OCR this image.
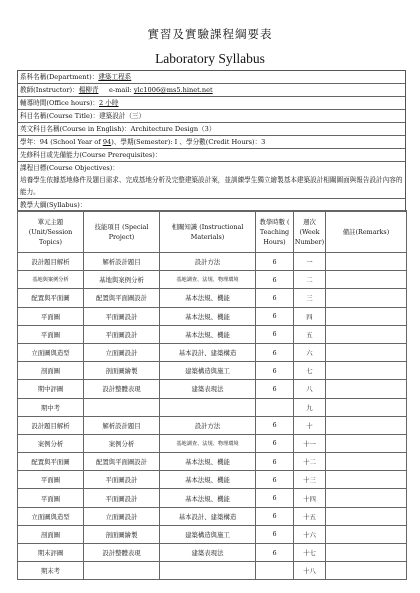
實習及實驗課程綱要表
Laboratory Syllabus
系科名稱(Department)：建築工程系
教師(Instructor)：楊柳青 e-mail: ylc1006@ms5.hinet.net
輔導時間(Office hours)：2 小時
科目名稱(Course Title)：建築設計（三）
英文科目名稱(Course in English)：Architecture Design（3）
學年：94 (School Year of 94)、學期(Semester): Ⅰ 、學分數(Credit Hours)：3
先修科目或先備能力(Course Prerequisites)：
課程目標(Course Objectives)：
培養學生依據基地條件及題目需求、完成基地分析及完整建築設計案，並訓練學生獨立繪製基本建築設計相關圖面與報告設計內容的能力。
教學大綱(Syllabus)：
單元主題 (Unit/Session Topics)	技能項目 (Special Project)	相關知識 (Instructional Materials)	教學時數 ( Teaching Hours)	週次 (Week Number)	備註(Remarks)
設計題目解析	解析設計題目	設計方法	6	一	
基地與案例分析	基地與案例分析	基地調查、法規、物理環境	6	二	
配置與平面圖	配置與平面圖設計	基本法規、機能	6	三	
平面圖	平面圖設計	基本法規、機能	6	四	
平面圖	平面圖設計	基本法規、機能	6	五	
立面圖與造型	立面圖設計	基本設計、建築構造	6	六	
剖面圖	剖面圖繪製	建築構造與施工	6	七	
期中評圖	設計整體表現	建築表現法	6	八	
期中考				九	
設計題目解析	解析設計題目	設計方法	6	十	
案例分析	案例分析	基地調查、法規、物理環境	6	十一	
配置與平面圖	配置與平面圖設計	基本法規、機能	6	十二	
平面圖	平面圖設計	基本法規、機能	6	十三	
平面圖	平面圖設計	基本法規、機能	6	十四	
立面圖與造型	立面圖設計	基本設計、建築構造	6	十五	
剖面圖	剖面圖繪製	建築構造與施工	6	十六	
期末評圖	設計整體表現	建築表現法	6	十七	
期末考				十八	
